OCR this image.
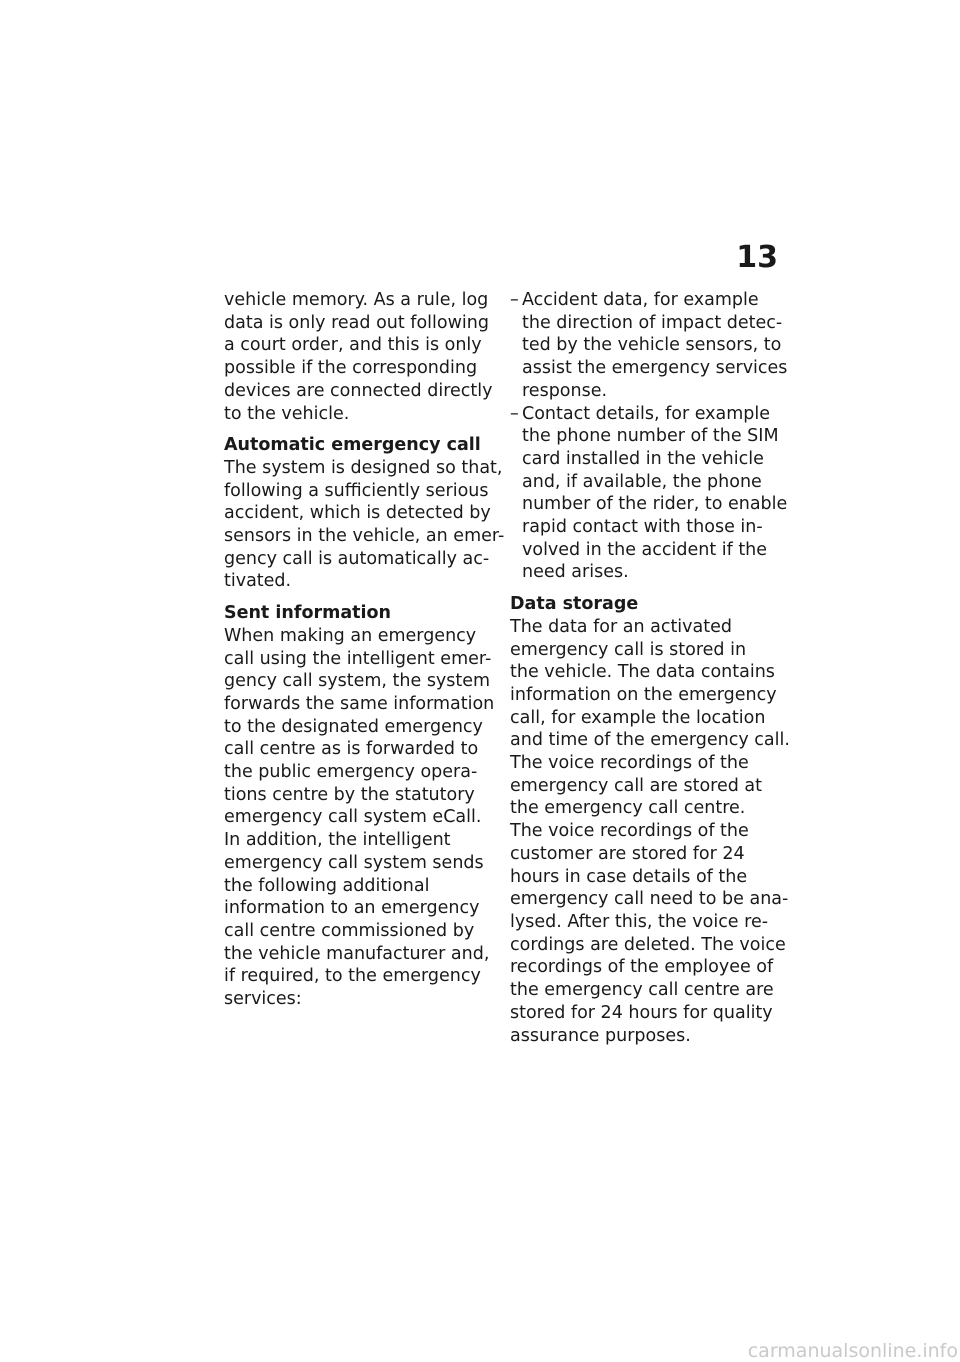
13
vehicle memory. As a rule, log
data is only read out following
a court order, and this is only
possible if the corresponding
devices are connected directly
to the vehicle.
Automatic emergency call
The system is designed so that,
following a sufficiently serious
accident, which is detected by
sensors in the vehicle, an emer-
gency call is automatically ac-
tivated.
Sent information
When making an emergency
call using the intelligent emer-
gency call system, the system
forwards the same information
to the designated emergency
call centre as is forwarded to
the public emergency opera-
tions centre by the statutory
emergency call system eCall.
In addition, the intelligent
emergency call system sends
the following additional
information to an emergency
call centre commissioned by
the vehicle manufacturer and,
if required, to the emergency
services:
– Accident data, for example
the direction of impact detec-
ted by the vehicle sensors, to
assist the emergency services
response.
– Contact details, for example
the phone number of the SIM
card installed in the vehicle
and, if available, the phone
number of the rider, to enable
rapid contact with those in-
volved in the accident if the
need arises.
Data storage
The data for an activated
emergency call is stored in
the vehicle. The data contains
information on the emergency
call, for example the location
and time of the emergency call.
The voice recordings of the
emergency call are stored at
the emergency call centre.
The voice recordings of the
customer are stored for 24
hours in case details of the
emergency call need to be ana-
lysed. After this, the voice re-
cordings are deleted. The voice
recordings of the employee of
the emergency call centre are
stored for 24 hours for quality
assurance purposes.
carmanualsonline.info
